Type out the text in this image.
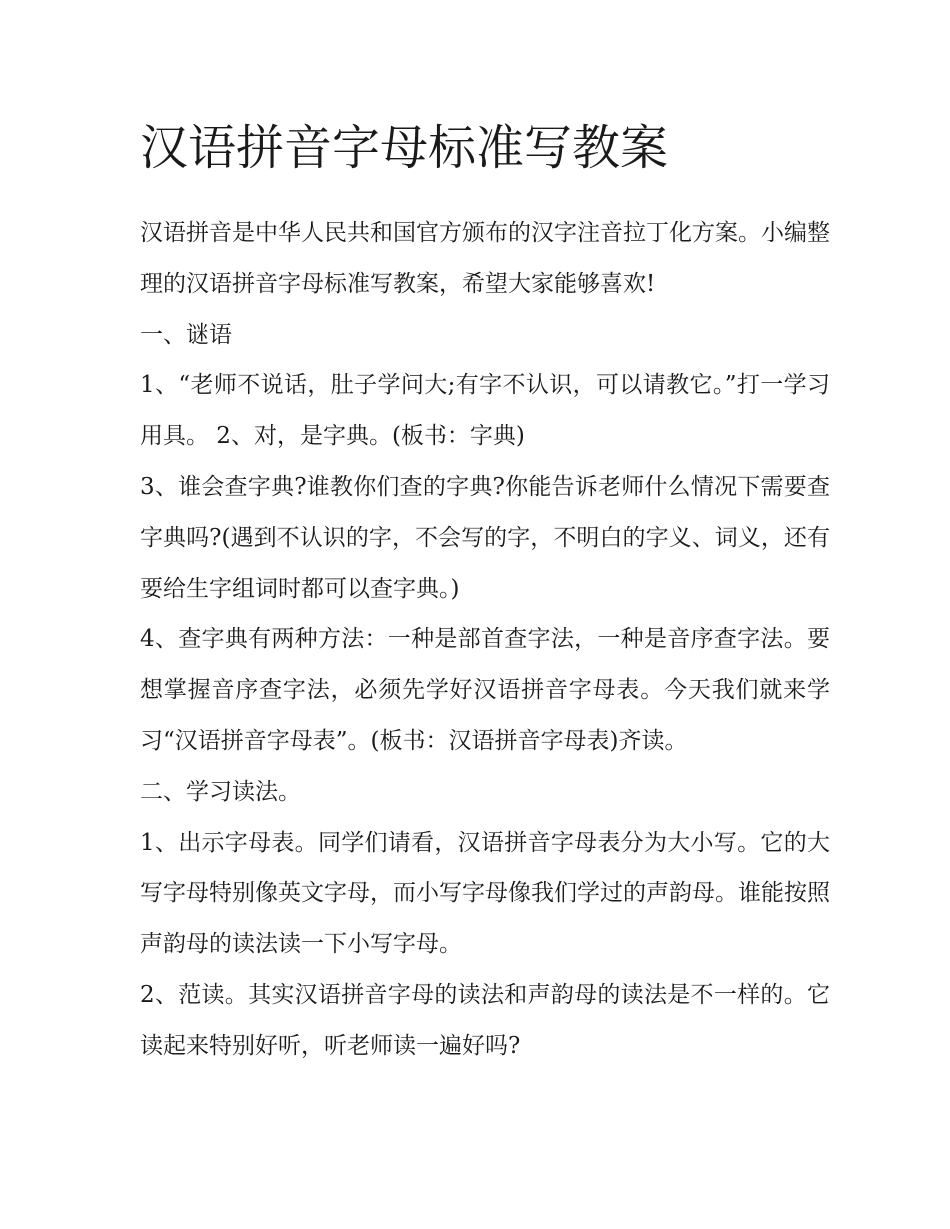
汉语拼音字母标准写教案

汉语拼音是中华人民共和国官方颁布的汉字注音拉丁化方案。小编整理的汉语拼音字母标准写教案，希望大家能够喜欢!

一、谜语

1、“老师不说话，肚子学问大;有字不认识，可以请教它。”打一学习用具。 2、对，是字典。(板书：字典)

3、谁会查字典?谁教你们查的字典?你能告诉老师什么情况下需要查字典吗?(遇到不认识的字，不会写的字，不明白的字义、词义，还有要给生字组词时都可以查字典。)

4、查字典有两种方法：一种是部首查字法，一种是音序查字法。要想掌握音序查字法，必须先学好汉语拼音字母表。今天我们就来学习“汉语拼音字母表”。(板书：汉语拼音字母表)齐读。

二、学习读法。

1、出示字母表。同学们请看，汉语拼音字母表分为大小写。它的大写字母特别像英文字母，而小写字母像我们学过的声韵母。谁能按照声韵母的读法读一下小写字母。

2、范读。其实汉语拼音字母的读法和声韵母的读法是不一样的。它读起来特别好听，听老师读一遍好吗?
